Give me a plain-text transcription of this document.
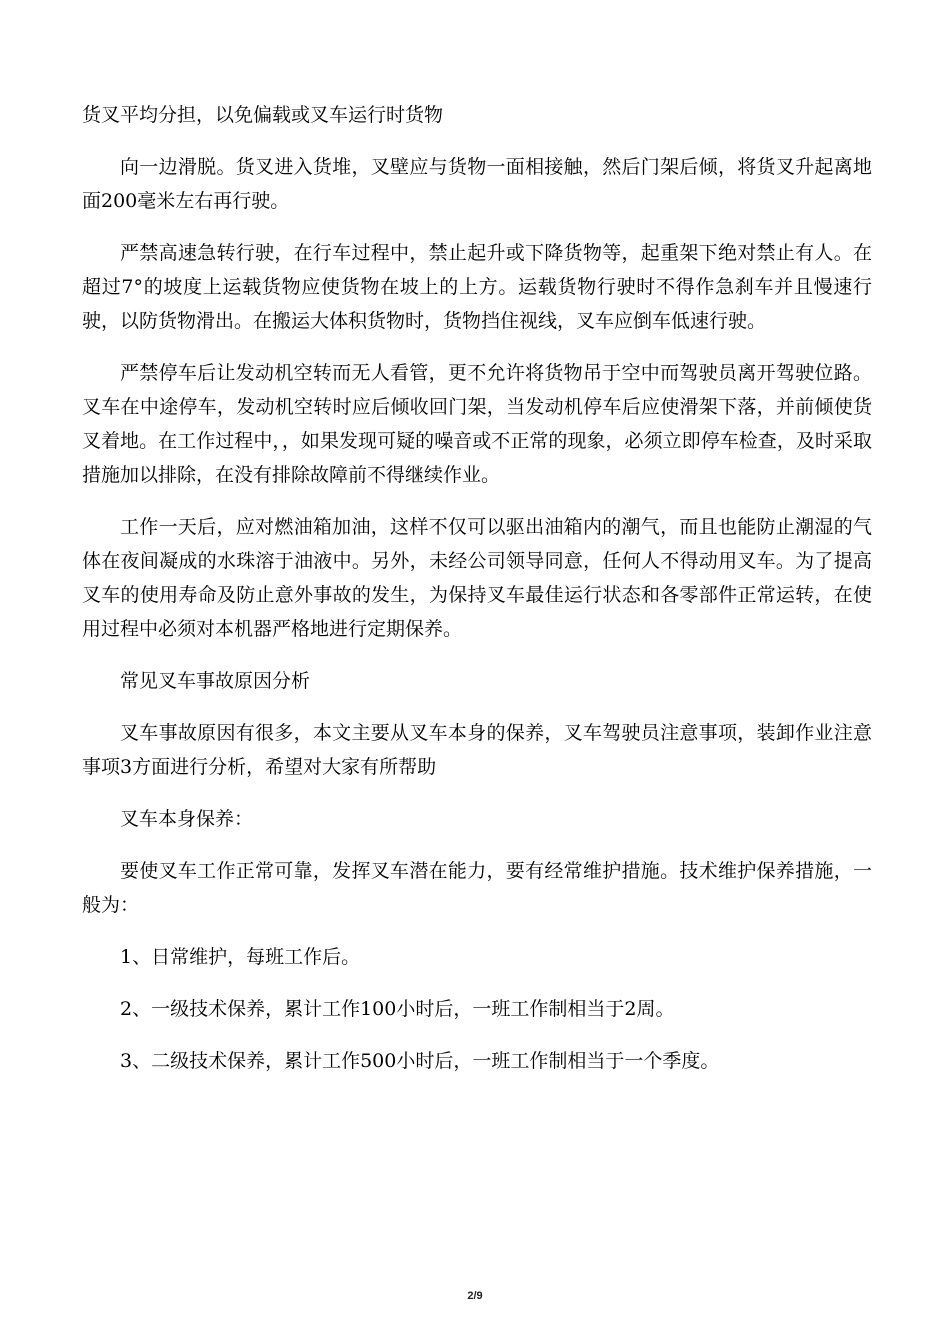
货叉平均分担，以免偏载或叉车运行时货物

向一边滑脱。货叉进入货堆，叉壁应与货物一面相接触，然后门架后倾，将货叉升起离地面200毫米左右再行驶。

严禁高速急转行驶，在行车过程中，禁止起升或下降货物等，起重架下绝对禁止有人。在超过7°的坡度上运载货物应使货物在坡上的上方。运载货物行驶时不得作急刹车并且慢速行驶，以防货物滑出。在搬运大体积货物时，货物挡住视线，叉车应倒车低速行驶。

严禁停车后让发动机空转而无人看管，更不允许将货物吊于空中而驾驶员离开驾驶位路。叉车在中途停车，发动机空转时应后倾收回门架，当发动机停车后应使滑架下落，并前倾使货叉着地。在工作过程中，，如果发现可疑的噪音或不正常的现象，必须立即停车检查，及时采取措施加以排除，在没有排除故障前不得继续作业。

工作一天后，应对燃油箱加油，这样不仅可以驱出油箱内的潮气，而且也能防止潮湿的气体在夜间凝成的水珠溶于油液中。另外，未经公司领导同意，任何人不得动用叉车。为了提高叉车的使用寿命及防止意外事故的发生，为保持叉车最佳运行状态和各零部件正常运转，在使用过程中必须对本机器严格地进行定期保养。

常见叉车事故原因分析

叉车事故原因有很多，本文主要从叉车本身的保养，叉车驾驶员注意事项，装卸作业注意事项3方面进行分析，希望对大家有所帮助

叉车本身保养：

要使叉车工作正常可靠，发挥叉车潜在能力，要有经常维护措施。技术维护保养措施，一般为：

1、日常维护，每班工作后。

2、一级技术保养，累计工作100小时后，一班工作制相当于2周。

3、二级技术保养，累计工作500小时后，一班工作制相当于一个季度。

2/9
